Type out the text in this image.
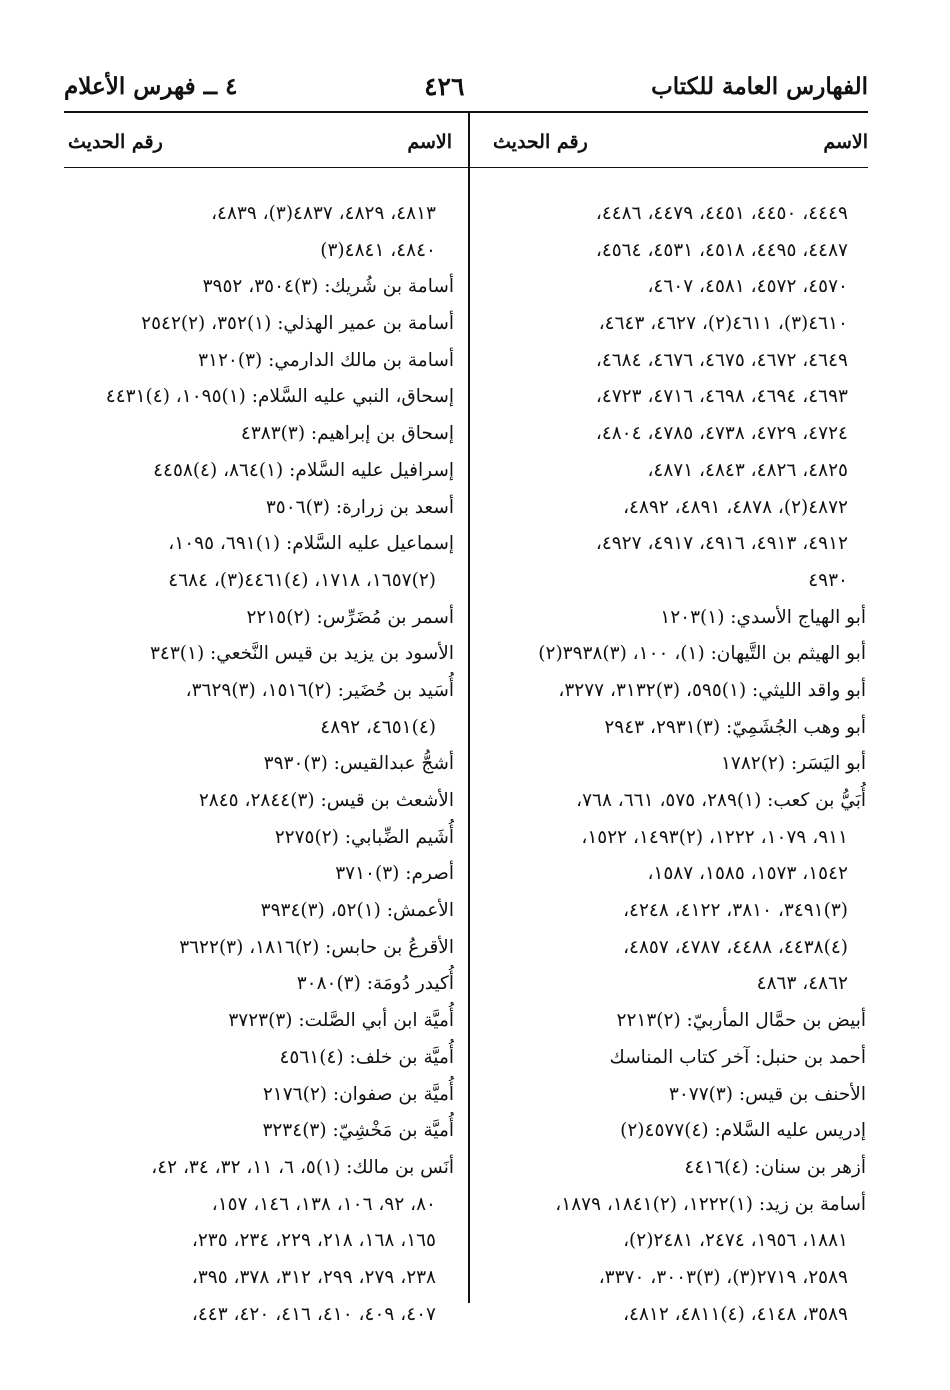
الفهارس العامة للكتاب
٤٢٦
٤ ــ فهرس الأعلام
الاسم
رقم الحديث
الاسم
رقم الحديث
٤٤٤٩، ٤٤٥٠، ٤٤٥١، ٤٤٧٩، ٤٤٨٦،
٤٤٨٧، ٤٤٩٥، ٤٥١٨، ٤٥٣١، ٤٥٦٤،
٤٥٧٠، ٤٥٧٢، ٤٥٨١، ٤٦٠٧،
٤٦١٠(٣)، ٤٦١١(٢)، ٤٦٢٧، ٤٦٤٣،
٤٦٤٩، ٤٦٧٢، ٤٦٧٥، ٤٦٧٦، ٤٦٨٤،
٤٦٩٣، ٤٦٩٤، ٤٦٩٨، ٤٧١٦، ٤٧٢٣،
٤٧٢٤، ٤٧٢٩، ٤٧٣٨، ٤٧٨٥، ٤٨٠٤،
٤٨٢٥، ٤٨٢٦، ٤٨٤٣، ٤٨٧١،
٤٨٧٢(٢)، ٤٨٧٨، ٤٨٩١، ٤٨٩٢،
٤٩١٢، ٤٩١٣، ٤٩١٦، ٤٩١٧، ٤٩٢٧،
٤٩٣٠
أبو الهياج الأسدي: (١)١٢٠٣
أبو الهيثم بن التَّيهان: (١)، ١٠٠، (٣)٣٩٣٨(٢)
أبو واقد الليثي: (١)٥٩٥، (٣)٣١٣٢، ٣٢٧٧،
أبو وهب الجُشَمِيّ: (٣)٢٩٣١، ٢٩٤٣
أبو اليَسَر: (٢)١٧٨٢
أُبَيُّ بن كعب: (١)٢٨٩، ٥٧٥، ٦٦١، ٧٦٨،
٩١١، ١٠٧٩، ١٢٢٢، (٢)١٤٩٣، ١٥٢٢،
١٥٤٢، ١٥٧٣، ١٥٨٥، ١٥٨٧،
(٣)٣٤٩١، ٣٨١٠، ٤١٢٢، ٤٢٤٨،
(٤)٤٤٣٨، ٤٤٨٨، ٤٧٨٧، ٤٨٥٧،
٤٨٦٢، ٤٨٦٣
أبيض بن حمَّال المأربيّ: (٢)٢٢١٣
أحمد بن حنبل: آخر كتاب المناسك
الأحنف بن قيس: (٣)٣٠٧٧
إدريس عليه السَّلام: (٤)٤٥٧٧(٢)
أزهر بن سنان: (٤)٤٤١٦
أسامة بن زيد: (١)١٢٢٢، (٢)١٨٤١، ١٨٧٩،
١٨٨١، ١٩٥٦، ٢٤٧٤، ٢٤٨١(٢)،
٢٥٨٩، ٢٧١٩(٣)، (٣)٣٠٠٣، ٣٣٧٠،
٣٥٨٩، ٤١٤٨، (٤)٤٨١١، ٤٨١٢،
٤٨١٣، ٤٨٢٩، ٤٨٣٧(٣)، ٤٨٣٩،
٤٨٤٠، ٤٨٤١(٣)
أسامة بن شُريك: (٣)٣٥٠٤، ٣٩٥٢
أسامة بن عمير الهذلي: (١)٣٥٢، (٢)٢٥٤٢
أسامة بن مالك الدارمي: (٣)٣١٢٠
إسحاق، النبي عليه السَّلام: (١)١٠٩٥، (٤)٤٤٣١
إسحاق بن إبراهيم: (٣)٤٣٨٣
إسرافيل عليه السَّلام: (١)٨٦٤، (٤)٤٤٥٨
أسعد بن زرارة: (٣)٣٥٠٦
إسماعيل عليه السَّلام: (١)٦٩١، ١٠٩٥،
(٢)١٦٥٧، ١٧١٨، (٤)٤٤٦١(٣)، ٤٦٨٤
أسمر بن مُضَرِّس: (٢)٢٢١٥
الأسود بن يزيد بن قيس النَّخعي: (١)٣٤٣
أُسَيد بن حُضَير: (٢)١٥١٦، (٣)٣٦٢٩،
(٤)٤٦٥١، ٤٨٩٢
أشجُّ عبدالقيس: (٣)٣٩٣٠
الأشعث بن قيس: (٣)٢٨٤٤، ٢٨٤٥
أُشَيم الضِّبابي: (٢)٢٢٧٥
أصرم: (٣)٣٧١٠
الأعمش: (١)٥٢، (٣)٣٩٣٤
الأقرعُ بن حابس: (٢)١٨١٦، (٣)٣٦٢٢
أُكيدر دُومَة: (٣)٣٠٨٠
أُميَّة ابن أبي الصَّلت: (٣)٣٧٢٣
أُميَّة بن خلف: (٤)٤٥٦١
أُميَّة بن صفوان: (٢)٢١٧٦
أُميَّة بن مَخْشِيّ: (٣)٣٢٣٤
أنَس بن مالك: (١)٥، ٦، ١١، ٣٢، ٣٤، ٤٢،
٨٠، ٩٢، ١٠٦، ١٣٨، ١٤٦، ١٥٧،
١٦٥، ١٦٨، ٢١٨، ٢٢٩، ٢٣٤، ٢٣٥،
٢٣٨، ٢٧٩، ٢٩٩، ٣١٢، ٣٧٨، ٣٩٥،
٤٠٧، ٤٠٩، ٤١٠، ٤١٦، ٤٢٠، ٤٤٣،
